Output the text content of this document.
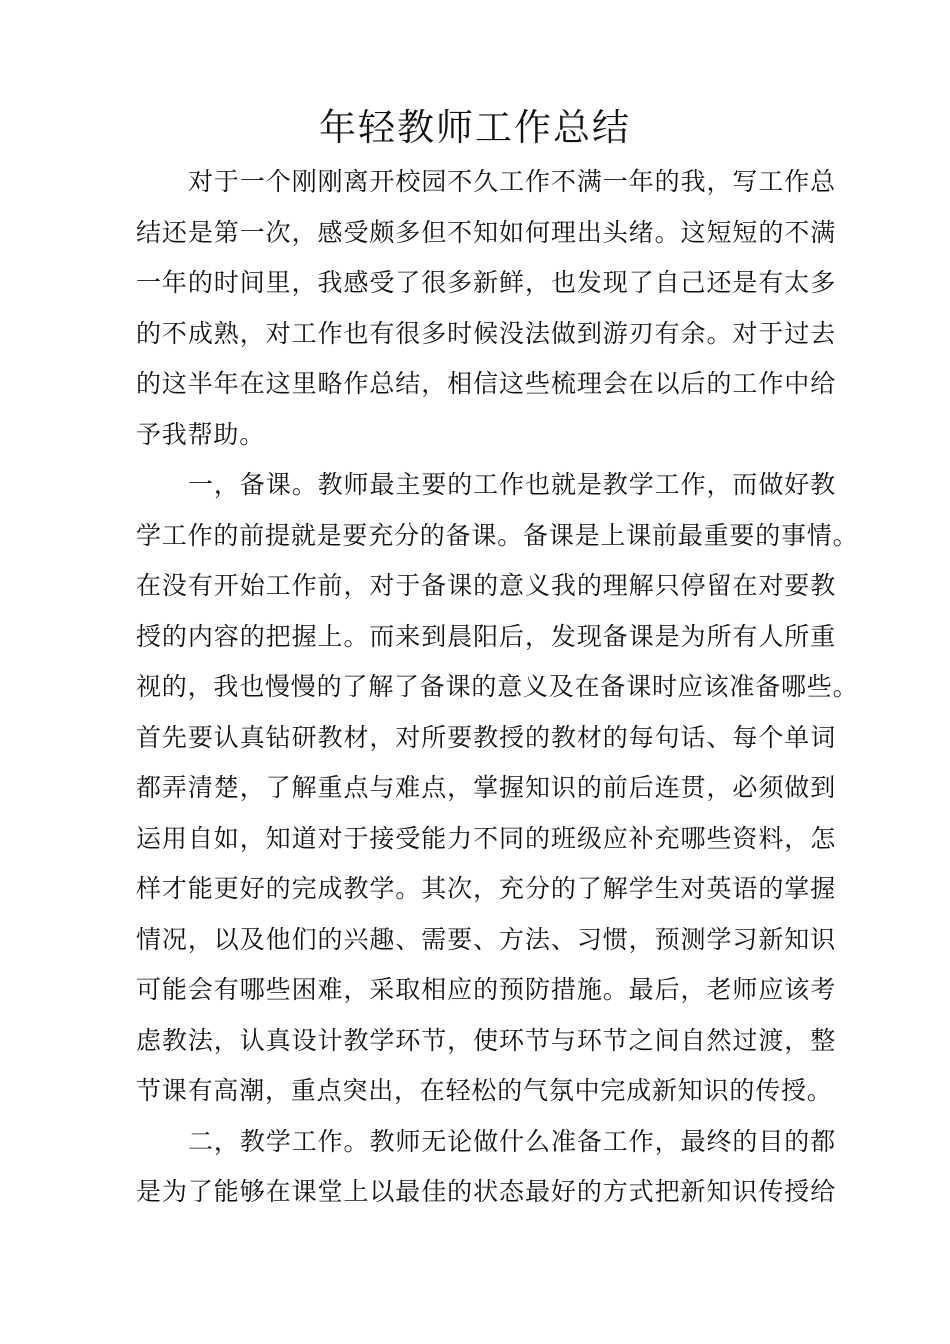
年轻教师工作总结
对于一个刚刚离开校园不久工作不满一年的我，写工作总
结还是第一次，感受颇多但不知如何理出头绪。这短短的不满
一年的时间里，我感受了很多新鲜，也发现了自己还是有太多
的不成熟，对工作也有很多时候没法做到游刃有余。对于过去
的这半年在这里略作总结，相信这些梳理会在以后的工作中给
予我帮助。
一，备课。教师最主要的工作也就是教学工作，而做好教
学工作的前提就是要充分的备课。备课是上课前最重要的事情。
在没有开始工作前，对于备课的意义我的理解只停留在对要教
授的内容的把握上。而来到晨阳后，发现备课是为所有人所重
视的，我也慢慢的了解了备课的意义及在备课时应该准备哪些。
首先要认真钻研教材，对所要教授的教材的每句话、每个单词
都弄清楚，了解重点与难点，掌握知识的前后连贯，必须做到
运用自如，知道对于接受能力不同的班级应补充哪些资料，怎
样才能更好的完成教学。其次，充分的了解学生对英语的掌握
情况，以及他们的兴趣、需要、方法、习惯，预测学习新知识
可能会有哪些困难，采取相应的预防措施。最后，老师应该考
虑教法，认真设计教学环节，使环节与环节之间自然过渡，整
节课有高潮，重点突出，在轻松的气氛中完成新知识的传授。
二，教学工作。教师无论做什么准备工作，最终的目的都
是为了能够在课堂上以最佳的状态最好的方式把新知识传授给
